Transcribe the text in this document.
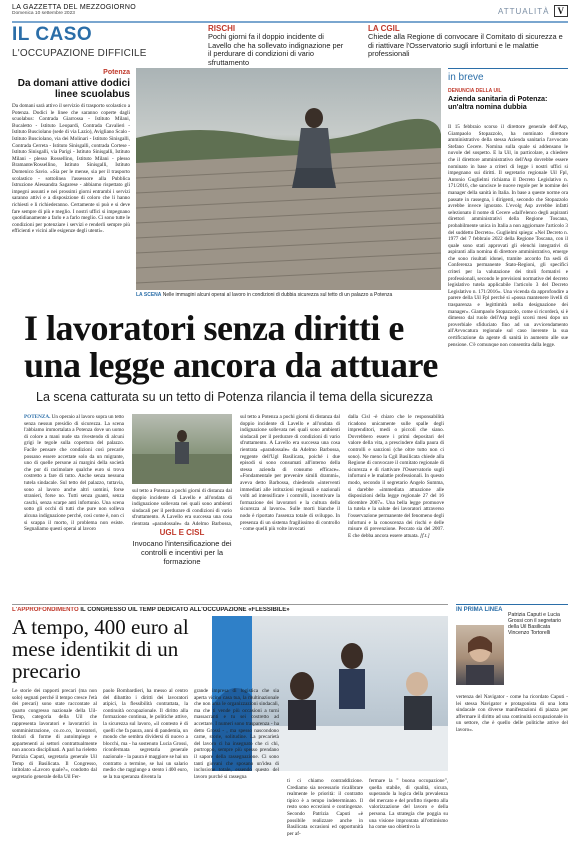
LA GAZZETTA DEL MEZZOGIORNO
Domenica 10 settembre 2023	ATTUALITÀ V
IL CASO
L'OCCUPAZIONE DIFFICILE
RISCHI
Pochi giorni fa il doppio incidente di Lavello che ha sollevato indignazione per il perdurare di condizioni di vario sfruttamento
LA CGIL
Chiede alla Regione di convocare il Comitato di sicurezza e di riattivare l'Osservatorio sugli infortuni e le malattie professionali
Potenza
Da domani attive dodici linee scuolabus
Da domani sarà attivo il servizio di trasporto scolastico a Potenza. Dodici le linee che saranno coperte dagli scuolabus: Contrada Giarrossa - Istituto Milani, Bucaletto - Istituto Leopardi, Contrada Cavalieri - Istituto Busciolano (sede di via Lazio), Avigliano Scalo - Istituto Busciolano, via dei Molinari - Istituto Sinisgalli, Contrada Cerreta - Istituto Sinisgalli, contrada Cortese - Istituto Sinisgalli, via Parigi - Istituto Sinisgalli, Istituto Milani - plesso Rossellino, Istituto Milani - plesso Bramante/Rossellino, Istituto Sinisgalli, Istituto Domenico Savio. «Sia per le mense, sia per il trasporto scolastico - sottolinea l'assessore alla Pubblica Istruzione Alessandra Sagarese - abbiamo rispettato gli impegni assunti e nei prossimi giorni entrambi i servizi saranno attivi e a disposizione di coloro che li hanno richiesti e li richiederanno. Certamente si può e si deve fare sempre di più e meglio. I nostri uffici si impegnano quotidianamente a farlo e a farlo meglio. Ci sono tutte le condizioni per potenziare i servizi e renderli sempre più efficienti e vicini alle esigenze degli utenti».
LA SCENA Nelle immagini alcuni operai al lavoro in condizioni di dubbia sicurezza sul tetto di un palazzo a Potenza
in breve
DENUNCIA DELLA UIL
Azienda sanitaria di Potenza: un'altra nomina dubbia
Il 15 febbraio scorso il direttore generale dell'Asp, Giampaolo Stopazzolo, ha nominato direttore amministrativo della stessa Azienda sanitaria l'avvocato Stefano Cecere. Nomina sulla quale si addensano le nuvole del sospetto. E la Uil, in particolare, a chiedere che il direttore amministrativo dell'Asp dovrebbe essere nominato in base a criteri di legge i nostri uffici si impegnano sui diritti. Il segretario regionale Uil Fpl, Antonio Guglielmi richiama il Decreto Legislativo n. 171/2016, che sancisce le nuove regole per le nomine dei manager della sanità in Italia. In base a queste norme ora passate in rassegna, i dirigenti, secondo che Stopazzolo avrebbe invece ignorato. L'evolg Asp avrebbe infatti selezionato il nome di Cecere «dall'elenco degli aspiranti direttori amministrativi della Regione Toscana, probabilmente unica in Italia a non aggiornare l'articolo 3 del suddetto Decreto». Guglielmi spiega: «Nel Decreto n. 1977 del 7 febbraio 2022 della Regione Toscana, con il quale sono stati approvati gli elenchi integrativi di aspiranti alla nomina di direttore amministrativo, emerge che sono risultati idonei, tramite accordo fra sedi di Conferenza permanente Stato-Regioni, gli specifici criteri per la valutazione dei titoli formativi e professionali, secondo le previsioni normative del decreto legislativo tutela applicabile l'articolo 3 del Decreto Legislativo n. 171/2016». Una vicenda da approfondire a parere della Uil Fpl perché si «possa mantenere livelli di trasparenza e legittimità nella designazione dei manager». Giampaolo Stopazzolo, come si ricorderà, si è dimesso dal ruolo dell'Asp negli scorsi mesi dopo un proverbiale sfiduciato fino ad un avvicendamento all'Avvocatura regionale sul caso inerente la sua certificazione da agente di sanità in aumento alle sue pensione. C'è comunque non consentita dalla legge.
I lavoratori senza diritti e una legge ancora da attuare
La scena catturata su un tetto di Potenza rilancia il tema della sicurezza
POTENZA. Un operaio al lavoro sopra un tetto senza nessun presidio di sicurezza. La scena l'abbiamo immortalata a Potenza dove un uomo di colore a mani nude sta rivestendo di alcuni grigi le tegole sulla copertura del palazzo. Facile pensare che condizioni così precarie possano essere accettate solo da un migrante, uno di quelle persone ai margini della società che pur di racimolare qualche euro si trova costretto a fare di tutto. Anche senza nessuna tutela sindacale. Sul tetto del palazzo, tuttavia, sono al lavoro anche altri uomini, forse stranieri, forse no. Tutti senza guanti, senza caschi, senza scarpe anti infortunio. Una scena sotto gli occhi di tutti che pure non solleva alcuna indignazione perché, così come è, non ci si scappa il morto, il problema non esiste. Segnaliamo questi operai al lavoro
sul tetto a Potenza a pochi giorni di distanza dal doppio incidente di Lavello e all'ondata di indignazione sollevata nei quali sono ambienti sindacali per il perdurare di condizioni di vario sfruttamento. A Lavello era successa una cosa rientrata «paradossale» da Adelmo Barbossa,
UGL E CISL
Invocano l'intensificazione dei controlli e incentivi per la formazione
sul tetto a Potenza a pochi giorni di distanza dal doppio incidente di Lavello e all'ondata di indignazione sollevata nei quali sono ambienti sindacali per il perdurare di condizioni di vario sfruttamento. A Lavello era successa una cosa rientrata «paradossale» da Adelmo Barbossa, reggente dell'Ugl Basilicata, poiché i due episodi si sono consumati all'interno della stessa azienda di consumo efficace». «Fondamentale per prevenire simili drammi», aveva detto Barbossa, chiedendo «interventi immediati alle istituzioni regionali e nazionali volti ad intensificare i controlli, incentivare la formazione dei lavoratori e la cultura della sicurezza al lavoro». Sulle morti bianche il nodo è riportato l'assenza totale di sviluppo. In presenza di un sistema fragilissimo di controllo - come quelli più volte invocati
dalla Cisl -è chiaro che le responsabilità ricadono unicamente sulle spalle degli imprenditori, medi o piccoli che siano. Dovrebbero essere i primi depositari del valore della vita, a prescindere dalla paura di controlli e sanzioni (che oltre tutto non ci sono). Ne meno la Cgil Basilicata chiede alla Regione di convocare il comitato regionale di sicurezza e di riattivare l'Osservatorio sugli infortuni e le malattie professionali. In questo modo, secondo il segretario Angelo Summa, si darebbe «immediata attuazione alle disposizioni della legge regionale 27 del 16 dicembre 2007». Una bella legge promuove la tutela e la salute dei lavoratori attraverso l'osservazione permanente del fenomeno degli infortuni e la conoscenza dei rischi e delle misure di prevenzione. Peccato sia del 2007. E che debba ancora essere attuata. [f.t.]
L'APPROFONDIMENTO IL CONGRESSO UIL TEMP DEDICATO ALL'OCCUPAZIONE «FLESSIBILE»
A tempo, 400 euro al mese identikit di un precario
Le storie dei rapporti precari (ma non solo) segnati perché il tempo cresce l'età dei precari) sono state raccontate al quarto congresso nazionale della Uil-Temp, categoria della Uil che rappresenta lavoratori e lavoratrici in somministrazione, co.co.co, lavoratori, titolari di forme di autoimpiego e appartenenti ai settori contrattualmente non ancora disciplinati. A pari ha rieletto Patrizia Caputi, segretaria generale Uil Temp di Basilicata. Il Congresso, intitolato «Lavoro quale?», condotto dal segretario generale della Uil Fer-
paolo Bombardieri, ha messo al centro del dibattito i diritti dei lavoratori atipici, la flessibilità contrattata, la continuità occupazionale. Il diritto alla formazione continua, le politiche attive, la sicurezza sul lavoro, «il contesto è di quelli che fa paura, anni di pandemia, un mondo che sembra dividersi di nuovo a blocchi, ma - ha sostenuto Lucia Grossi, riconfermata segretaria generale nazionale - la paura è maggiore se hai un contratto a termine, se hai un salario medio che raggiunge a stento i 400 euro, se la tua speranza diventa la
grande impresa di logistica che sia aperta vicino casa tua, la multinazionale che non ama le organizzazioni sindacali, ma che ti vende più occasioni a turni massacranti e tu sei costretto ad accettare. I numeri sono trasparenza - ha detto Grossi - , ma spesso nascondono carne, storie, solitudine. La precarietà del lavoro ci ha insegnato che ci chi, purtroppo, sempre più spesso prendano il sapore della rassegnazione. Ci sono tanti giovani che sposano un'idea di inclusione totale, essendo questo del lavoro purché si rassegna
ti ci chiamo contraddizione. Crediamo sia necessario ricalibrare realmente le priorità: il contratto tipico è a tempo indeterminato. Il resto sono eccezioni e contingenze. Secondo Patrizia Caputi «è possibile realizzare anche in Basilicata occasioni ed opportunità per af-
fermare la " buona occupazione", quella stabile, di qualità, sicura, superando la logica della prevalenza del mercato e del profitto rispetto alla valorizzazione del lavoro e della persona. La strategia che poggia su una visione improntata all'ottimismo ha come suo obiettivo la
IN PRIMA LINEA
Patrizia Caputi e Lucia Grossi con il segretario della Uil Basilicata Vincenzo Tortorelli
vertenza del Navigator - come ha ricordato Caputi - lei stessa Navigator e protagonista di una lotta sindacale con diverse manifestazioni di piazza per affermare il diritto ad una continuità occupazionale in un settore, che è quello delle politiche attive del lavoro».
